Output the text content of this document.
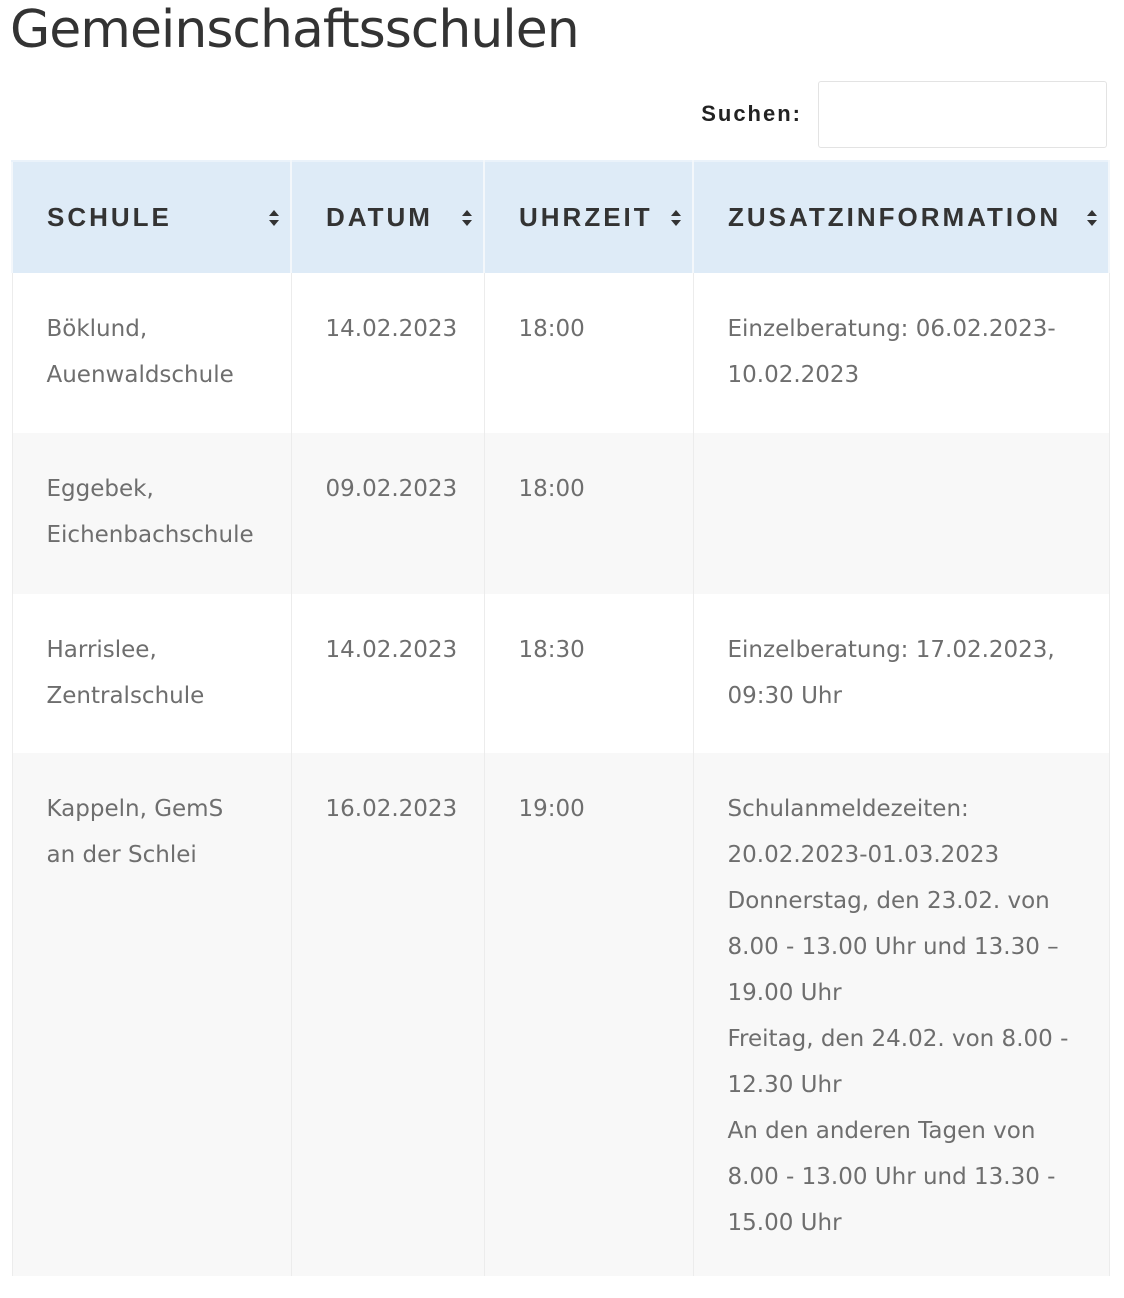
Gemeinschaftsschulen
Suchen:
SCHULE	DATUM	UHRZEIT	ZUSATZINFORMATION

Böklund, Auenwaldschule	14.02.2023	18:00	Einzelberatung: 06.02.2023-10.02.2023

Eggebek, Eichenbachschule	09.02.2023	18:00	
Harrislee, Zentralschule	14.02.2023	18:30	Einzelberatung: 17.02.2023, 09:30 Uhr

Kappeln, GemS an der Schlei	16.02.2023	19:00	Schulanmeldezeiten: 20.02.2023-01.03.2023
Donnerstag, den 23.02. von 8.00 - 13.00 Uhr und 13.30 – 19.00 Uhr
Freitag, den 24.02. von 8.00 - 12.30 Uhr
An den anderen Tagen von 8.00 - 13.00 Uhr und 13.30 - 15.00 Uhr
